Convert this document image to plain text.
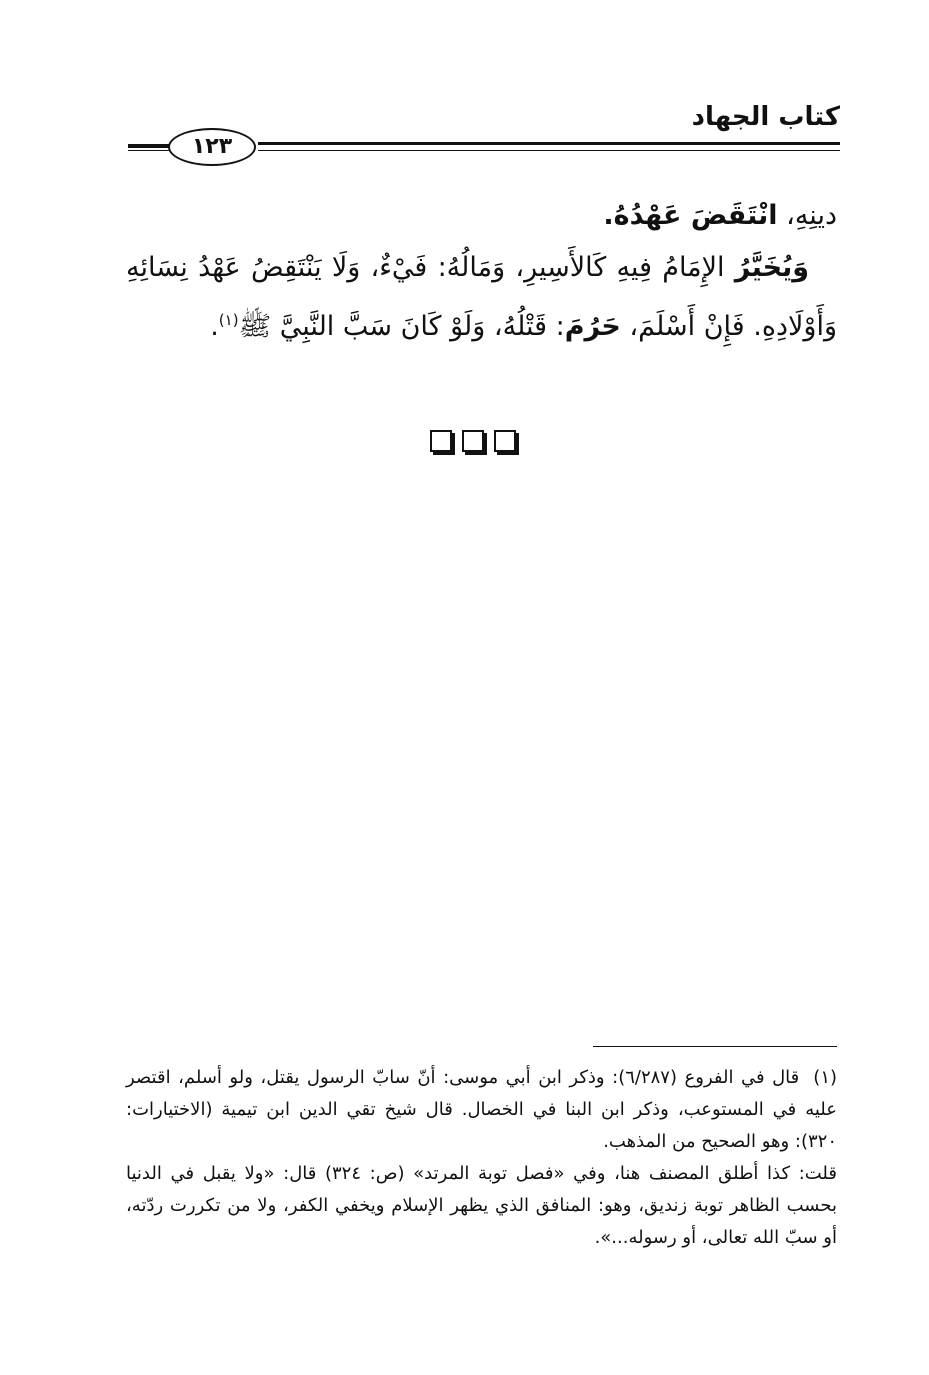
١٢٣
كتاب الجهاد

دينِهِ، انْتَقَضَ عَهْدُهُ.

وَيُخَيَّرُ الإِمَامُ فِيهِ كَالأَسِيرِ، وَمَالُهُ: فَيْءٌ، وَلَا يَنْتَقِضُ عَهْدُ نِسَائِهِ وَأَوْلَادِهِ. فَإِنْ أَسْلَمَ، حَرُمَ: قَتْلُهُ، وَلَوْ كَانَ سَبَّ النَّبِيَّ ﷺ$^{(١)}$.

(١)قال في الفروع (٦/٢٨٧): وذكر ابن أبي موسى: أنّ سابّ الرسول يقتل، ولو أسلم، اقتصر عليه في المستوعب، وذكر ابن البنا في الخصال. قال شيخ تقي الدين ابن تيمية (الاختيارات: ٣٢٠): وهو الصحيح من المذهب.

قلت: كذا أطلق المصنف هنا، وفي «فصل توبة المرتد» (ص: ٣٢٤) قال: «ولا يقبل في الدنيا بحسب الظاهر توبة زنديق، وهو: المنافق الذي يظهر الإسلام ويخفي الكفر، ولا من تكررت ردّته، أو سبّ الله تعالى، أو رسوله...».
